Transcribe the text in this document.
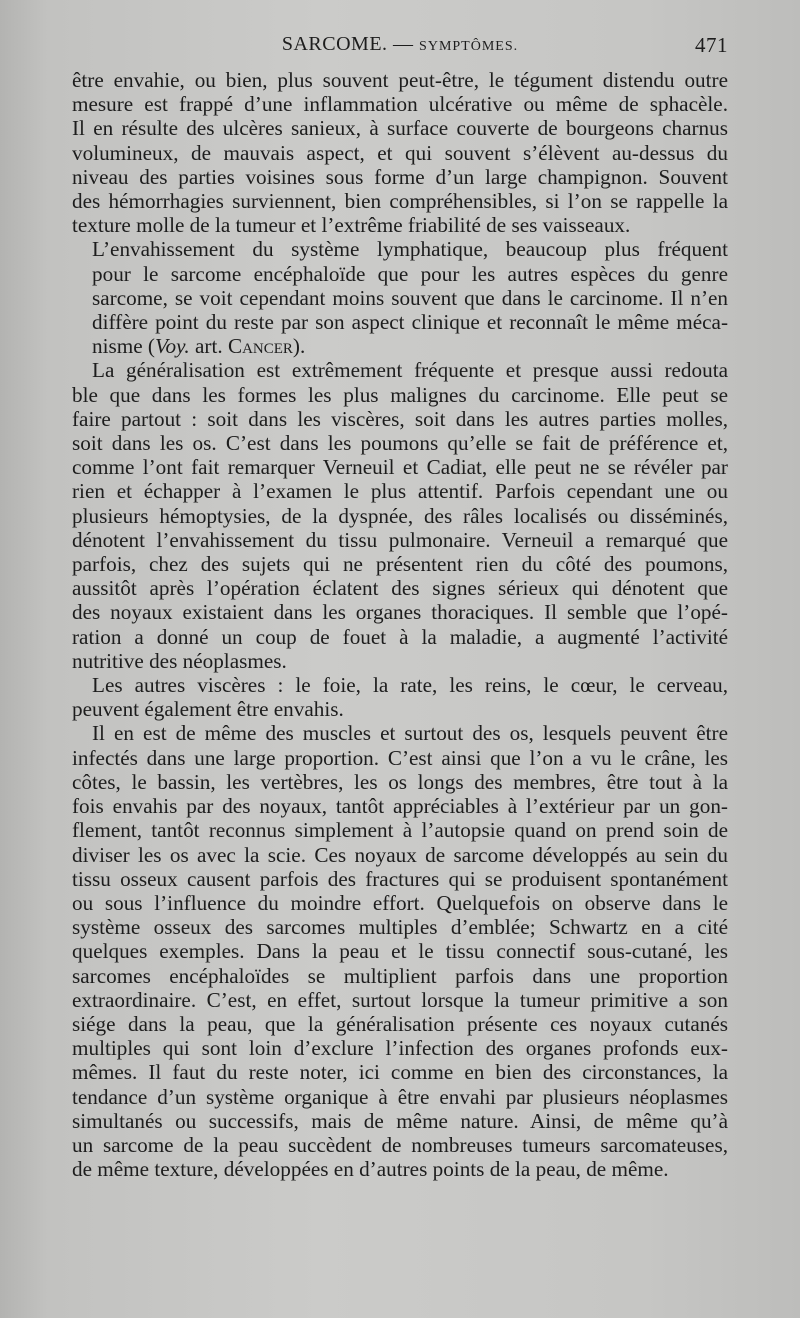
SARCOME. — SYMPTÔMES.	471

être envahie, ou bien, plus souvent peut-être, le tégument distendu outre
mesure est frappé d’une inflammation ulcérative ou même de sphacèle.
Il en résulte des ulcères sanieux, à surface couverte de bourgeons charnus
volumineux, de mauvais aspect, et qui souvent s’élèvent au-dessus du
niveau des parties voisines sous forme d’un large champignon. Souvent
des hémorrhagies surviennent, bien compréhensibles, si l’on se rappelle la
texture molle de la tumeur et l’extrême friabilité de ses vaisseaux.

L’envahissement du système lymphatique, beaucoup plus fréquent
pour le sarcome encéphaloïde que pour les autres espèces du genre
sarcome, se voit cependant moins souvent que dans le carcinome. Il n’en
diffère point du reste par son aspect clinique et reconnaît le même méca-
nisme (Voy. art. Cancer).

La généralisation est extrêmement fréquente et presque aussi redouta
ble que dans les formes les plus malignes du carcinome. Elle peut se
faire partout : soit dans les viscères, soit dans les autres parties molles,
soit dans les os. C’est dans les poumons qu’elle se fait de préférence et,
comme l’ont fait remarquer Verneuil et Cadiat, elle peut ne se révéler par
rien et échapper à l’examen le plus attentif. Parfois cependant une ou
plusieurs hémoptysies, de la dyspnée, des râles localisés ou disséminés,
dénotent l’envahissement du tissu pulmonaire. Verneuil a remarqué que
parfois, chez des sujets qui ne présentent rien du côté des poumons,
aussitôt après l’opération éclatent des signes sérieux qui dénotent que
des noyaux existaient dans les organes thoraciques. Il semble que l’opé-
ration a donné un coup de fouet à la maladie, a augmenté l’activité
nutritive des néoplasmes.

Les autres viscères : le foie, la rate, les reins, le cœur, le cerveau,
peuvent également être envahis.

Il en est de même des muscles et surtout des os, lesquels peuvent être
infectés dans une large proportion. C’est ainsi que l’on a vu le crâne, les
côtes, le bassin, les vertèbres, les os longs des membres, être tout à la
fois envahis par des noyaux, tantôt appréciables à l’extérieur par un gon-
flement, tantôt reconnus simplement à l’autopsie quand on prend soin de
diviser les os avec la scie. Ces noyaux de sarcome développés au sein du
tissu osseux causent parfois des fractures qui se produisent spontanément
ou sous l’influence du moindre effort. Quelquefois on observe dans le
système osseux des sarcomes multiples d’emblée; Schwartz en a cité
quelques exemples. Dans la peau et le tissu connectif sous-cutané, les
sarcomes encéphaloïdes se multiplient parfois dans une proportion
extraordinaire. C’est, en effet, surtout lorsque la tumeur primitive a son
siége dans la peau, que la généralisation présente ces noyaux cutanés
multiples qui sont loin d’exclure l’infection des organes profonds eux-
mêmes. Il faut du reste noter, ici comme en bien des circonstances, la
tendance d’un système organique à être envahi par plusieurs néoplasmes
simultanés ou successifs, mais de même nature. Ainsi, de même qu’à
un sarcome de la peau succèdent de nombreuses tumeurs sarcomateuses,
de même texture, développées en d’autres points de la peau, de même.
